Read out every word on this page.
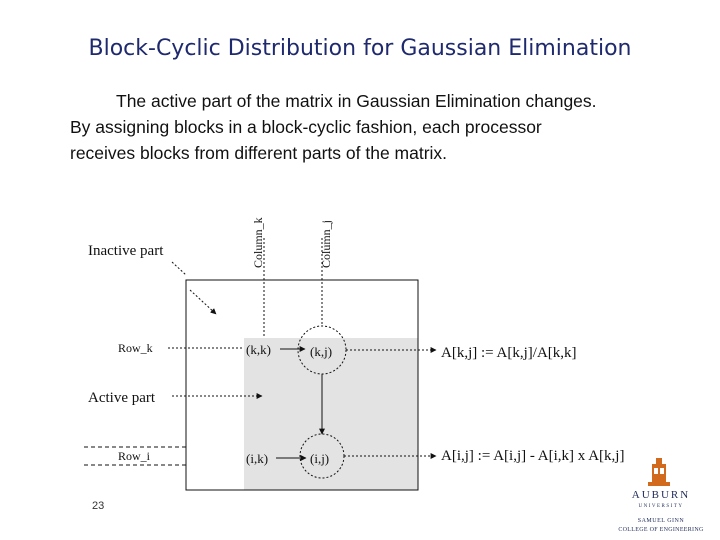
Block-Cyclic Distribution for Gaussian Elimination
The active part of the matrix in Gaussian Elimination changes.
By assigning blocks in a block-cyclic fashion, each processor
receives blocks from different parts of the matrix.
Column_k	Column_j
Inactive part
Row_k
Active part
Row_i
(k,k)	(k,j)
(i,k)	(i,j)
A[k,j] := A[k,j]/A[k,k]
A[i,j] := A[i,j] - A[i,k] x A[k,j]
23
AUBURN
UNIVERSITY
SAMUEL GINN
COLLEGE OF ENGINEERING
